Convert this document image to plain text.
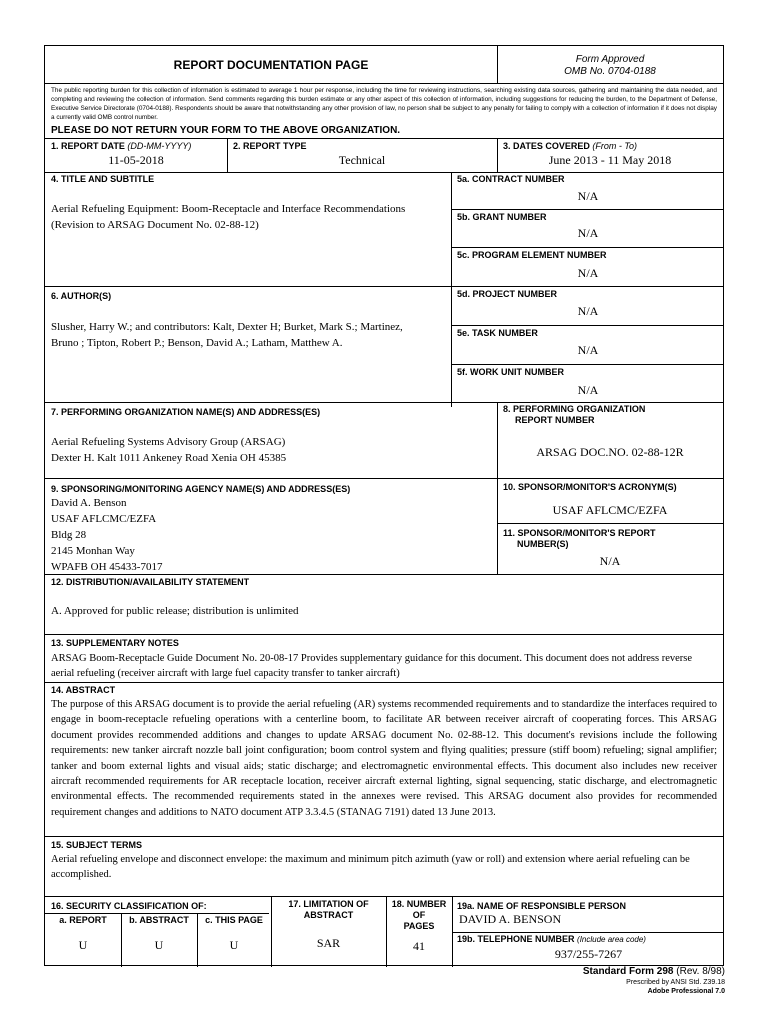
REPORT DOCUMENTATION PAGE	Form Approved
OMB No. 0704-0188
The public reporting burden for this collection of information is estimated to average 1 hour per response, including the time for reviewing instructions, searching existing data sources, gathering and maintaining the data needed, and completing and reviewing the collection of information. Send comments regarding this burden estimate or any other aspect of this collection of information, including suggestions for reducing the burden, to the Department of Defense, Executive Service Directorate (0704-0188). Respondents should be aware that notwithstanding any other provision of law, no person shall be subject to any penalty for failing to comply with a collection of information if it does not display a currently valid OMB control number.
PLEASE DO NOT RETURN YOUR FORM TO THE ABOVE ORGANIZATION.
1. REPORT DATE (DD-MM-YYYY)
11-05-2018
2. REPORT TYPE
Technical
3. DATES COVERED (From - To)
June 2013 - 11 May 2018
4. TITLE AND SUBTITLE
Aerial Refueling Equipment: Boom-Receptacle and Interface Recommendations
(Revision to ARSAG Document No. 02-88-12)
5a. CONTRACT NUMBER
N/A
5b. GRANT NUMBER
N/A
5c. PROGRAM ELEMENT NUMBER
N/A
6. AUTHOR(S)
Slusher, Harry W.; and contributors: Kalt, Dexter H; Burket, Mark S.; Martinez,
Bruno ; Tipton, Robert P.; Benson, David A.; Latham, Matthew A.
5d. PROJECT NUMBER
N/A
5e. TASK NUMBER
N/A
5f. WORK UNIT NUMBER
N/A
7. PERFORMING ORGANIZATION NAME(S) AND ADDRESS(ES)
Aerial Refueling Systems Advisory Group (ARSAG)
Dexter H. Kalt 1011 Ankeney Road Xenia OH 45385
8. PERFORMING ORGANIZATION
REPORT NUMBER
ARSAG DOC.NO. 02-88-12R
9. SPONSORING/MONITORING AGENCY NAME(S) AND ADDRESS(ES)
David A. Benson
USAF AFLCMC/EZFA
Bldg 28
2145 Monhan Way
WPAFB OH 45433-7017
10. SPONSOR/MONITOR'S ACRONYM(S)
USAF AFLCMC/EZFA
11. SPONSOR/MONITOR'S REPORT
NUMBER(S)
N/A
12. DISTRIBUTION/AVAILABILITY STATEMENT
A. Approved for public release; distribution is unlimited
13. SUPPLEMENTARY NOTES
ARSAG Boom-Receptacle Guide Document No. 20-08-17 Provides supplementary guidance for this document. This document does not address reverse aerial refueling (receiver aircraft with large fuel capacity transfer to tanker aircraft)
14. ABSTRACT
The purpose of this ARSAG document is to provide the aerial refueling (AR) systems recommended requirements and to standardize the interfaces required to engage in boom-receptacle refueling operations with a centerline boom, to facilitate AR between receiver aircraft of cooperating forces. This ARSAG document provides recommended additions and changes to update ARSAG document No. 02-88-12. This document's revisions include the following requirements: new tanker aircraft nozzle ball joint configuration; boom control system and flying qualities; pressure (stiff boom) refueling; signal amplifier; tanker and boom external lights and visual aids; static discharge; and electromagnetic environmental effects. This document also includes new receiver aircraft recommended requirements for AR receptacle location, receiver aircraft external lighting, signal sequencing, static discharge, and electromagnetic environmental effects. The recommended requirements stated in the annexes were revised. This ARSAG document also provides for recommended requirement changes and additions to NATO document ATP 3.3.4.5 (STANAG 7191) dated 13 June 2013.
15. SUBJECT TERMS
Aerial refueling envelope and disconnect envelope: the maximum and minimum pitch azimuth (yaw or roll) and extension where aerial refueling can be accomplished.
16. SECURITY CLASSIFICATION OF:
a. REPORT	b. ABSTRACT	c. THIS PAGE
U	U	U
17. LIMITATION OF
ABSTRACT
SAR
18. NUMBER
OF
PAGES
41
19a. NAME OF RESPONSIBLE PERSON
DAVID A. BENSON
19b. TELEPHONE NUMBER (Include area code)
937/255-7267
Standard Form 298 (Rev. 8/98)
Prescribed by ANSI Std. Z39.18
Adobe Professional 7.0
